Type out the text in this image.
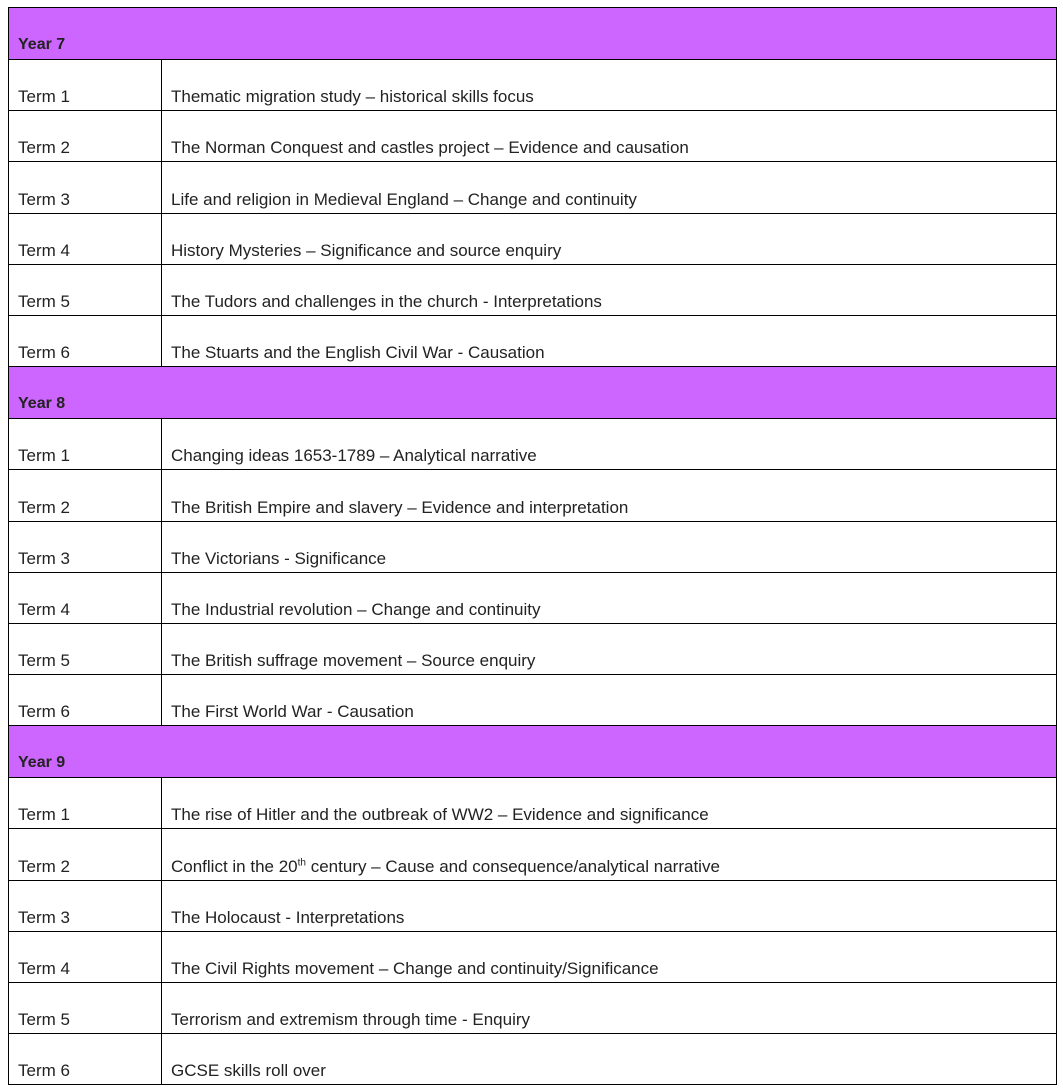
Year 7	
Term 1	Thematic migration study – historical skills focus
Term 2	The Norman Conquest and castles project – Evidence and causation
Term 3	Life and religion in Medieval England – Change and continuity
Term 4	History Mysteries – Significance and source enquiry
Term 5	The Tudors and challenges in the church - Interpretations
Term 6	The Stuarts and the English Civil War - Causation
Year 8	
Term 1	Changing ideas 1653-1789 – Analytical narrative
Term 2	The British Empire and slavery – Evidence and interpretation
Term 3	The Victorians - Significance
Term 4	The Industrial revolution – Change and continuity
Term 5	The British suffrage movement – Source enquiry
Term 6	The First World War - Causation
Year 9	
Term 1	The rise of Hitler and the outbreak of WW2 – Evidence and significance
Term 2	Conflict in the 20th century – Cause and consequence/analytical narrative
Term 3	The Holocaust - Interpretations
Term 4	The Civil Rights movement – Change and continuity/Significance
Term 5	Terrorism and extremism through time - Enquiry
Term 6	GCSE skills roll over
